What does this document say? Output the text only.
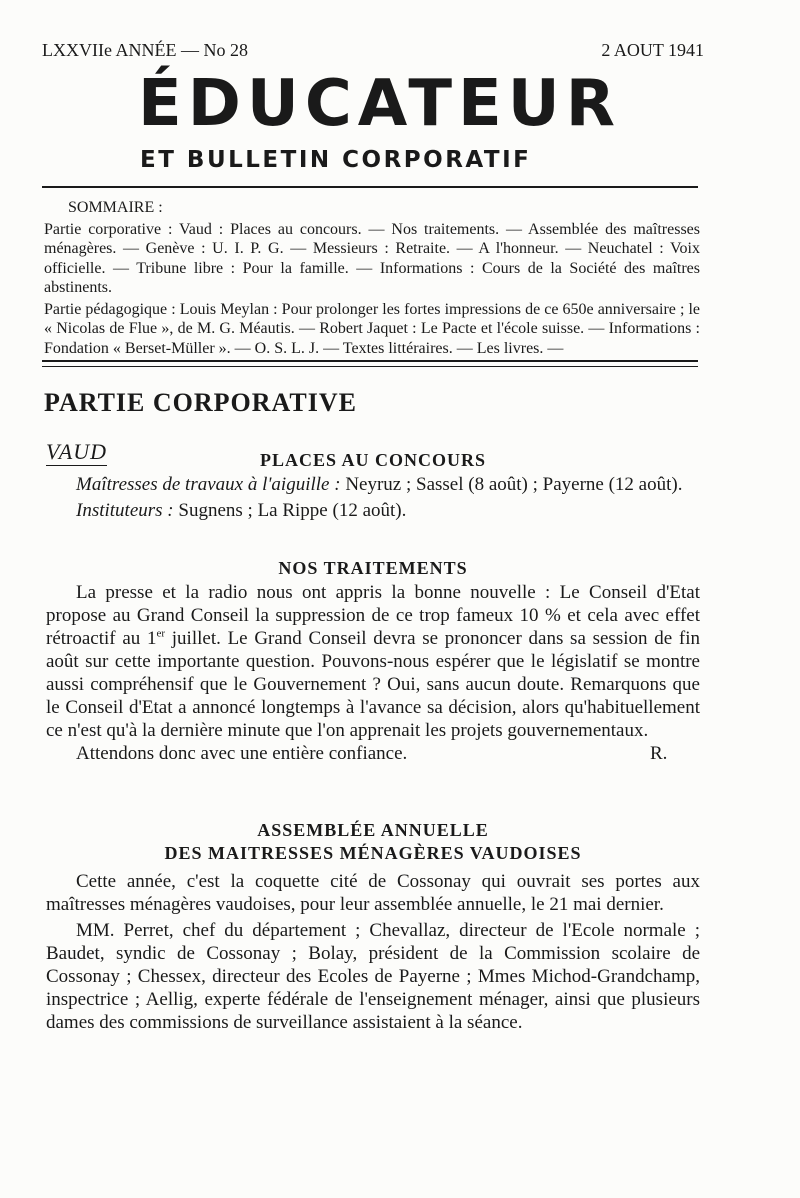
LXXVIIe ANNÉE — No 28	2 AOUT 1941
ÉDUCATEUR
ET BULLETIN CORPORATIF
SOMMAIRE :

Partie corporative : Vaud : Places au concours. — Nos traitements. — Assemblée des maîtresses ménagères. — Genève : U. I. P. G. — Messieurs : Retraite. — A l'honneur. — Neuchatel : Voix officielle. — Tribune libre : Pour la famille. — Informations : Cours de la Société des maîtres abstinents.

Partie pédagogique : Louis Meylan : Pour prolonger les fortes impressions de ce 650e anniversaire ; le « Nicolas de Flue », de M. G. Méautis. — Robert Jaquet : Le Pacte et l'école suisse. — Informations : Fondation « Berset-Müller ». — O. S. L. J. — Textes littéraires. — Les livres. —

PARTIE CORPORATIVE
VAUD	PLACES AU CONCOURS

Maîtresses de travaux à l'aiguille : Neyruz ; Sassel (8 août) ; Payerne (12 août).

Instituteurs : Sugnens ; La Rippe (12 août).

NOS TRAITEMENTS

La presse et la radio nous ont appris la bonne nouvelle : Le Conseil d'Etat propose au Grand Conseil la suppression de ce trop fameux 10 % et cela avec effet rétroactif au 1er juillet. Le Grand Conseil devra se prononcer dans sa session de fin août sur cette importante question. Pouvons-nous espérer que le législatif se montre aussi compréhensif que le Gouvernement ? Oui, sans aucun doute. Remarquons que le Conseil d'Etat a annoncé longtemps à l'avance sa décision, alors qu'habituellement ce n'est qu'à la dernière minute que l'on apprenait les projets gouvernementaux.

Attendons donc avec une entière confiance.	R.

ASSEMBLÉE ANNUELLE
DES MAITRESSES MÉNAGÈRES VAUDOISES

Cette année, c'est la coquette cité de Cossonay qui ouvrait ses portes aux maîtresses ménagères vaudoises, pour leur assemblée annuelle, le 21 mai dernier.

MM. Perret, chef du département ; Chevallaz, directeur de l'Ecole normale ; Baudet, syndic de Cossonay ; Bolay, président de la Commission scolaire de Cossonay ; Chessex, directeur des Ecoles de Payerne ; Mmes Michod-Grandchamp, inspectrice ; Aellig, experte fédérale de l'enseignement ménager, ainsi que plusieurs dames des commissions de surveillance assistaient à la séance.
